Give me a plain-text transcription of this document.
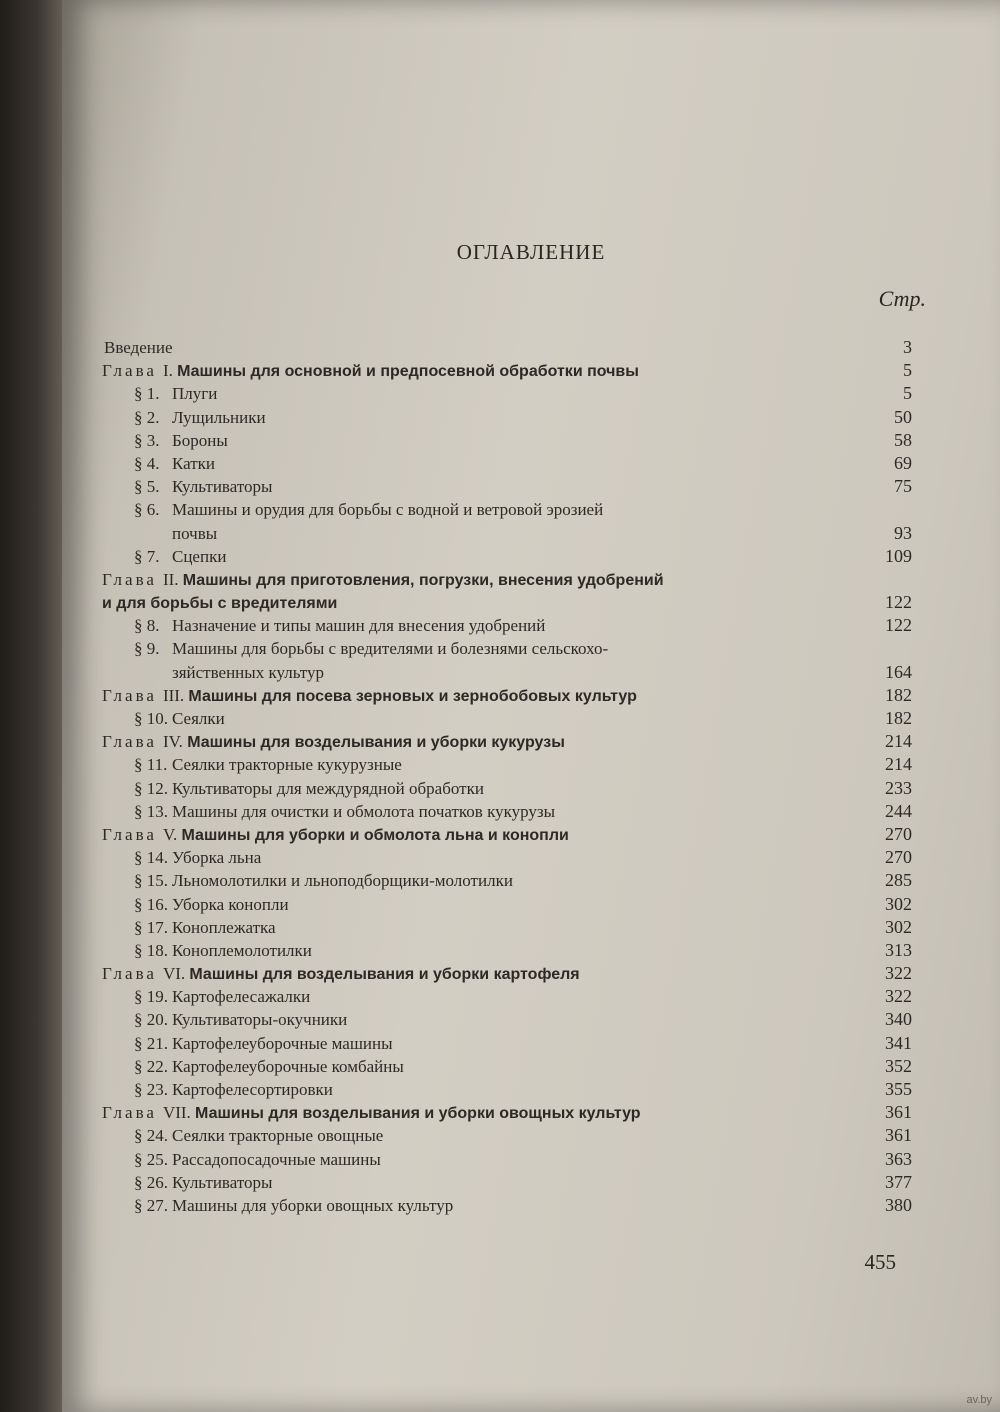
ОГЛАВЛЕНИЕ
Стр.
Введение	3
Глава I. Машины для основной и предпосевной обработки почвы	5
§ 1. Плуги	5
§ 2. Лущильники	50
§ 3. Бороны	58
§ 4. Катки	69
§ 5. Культиваторы	75
§ 6. Машины и орудия для борьбы с водной и ветровой эрозией
почвы	93
§ 7. Сцепки	109
Глава II. Машины для приготовления, погрузки, внесения удобрений
и для борьбы с вредителями	122
§ 8. Назначение и типы машин для внесения удобрений	122
§ 9. Машины для борьбы с вредителями и болезнями сельскохо-
зяйственных культур	164
Глава III. Машины для посева зерновых и зернобобовых культур	182
§ 10. Сеялки	182
Глава IV. Машины для возделывания и уборки кукурузы	214
§ 11. Сеялки тракторные кукурузные	214
§ 12. Культиваторы для междурядной обработки	233
§ 13. Машины для очистки и обмолота початков кукурузы	244
Глава V. Машины для уборки и обмолота льна и конопли	270
§ 14. Уборка льна	270
§ 15. Льномолотилки и льноподборщики-молотилки	285
§ 16. Уборка конопли	302
§ 17. Коноплежатка	302
§ 18. Коноплемолотилки	313
Глава VI. Машины для возделывания и уборки картофеля	322
§ 19. Картофелесажалки	322
§ 20. Культиваторы-окучники	340
§ 21. Картофелеуборочные машины	341
§ 22. Картофелеуборочные комбайны	352
§ 23. Картофелесортировки	355
Глава VII. Машины для возделывания и уборки овощных культур	361
§ 24. Сеялки тракторные овощные	361
§ 25. Рассадопосадочные машины	363
§ 26. Культиваторы	377
§ 27. Машины для уборки овощных культур	380
455
av.by
